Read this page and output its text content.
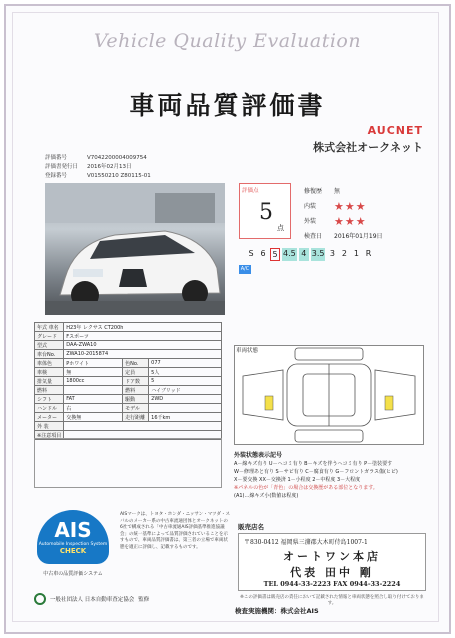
Vehicle Quality Evaluation
車両品質評価書
AUCNET
株式会社オークネット
評価番号	V7042200004009754
評価書発行日	2016年02月13日
登録番号	V01550210 Z80115-01
評価点
5
点
修復歴	無
内装	★★★
外装	★★★
検査日	2016年01月19日
S 6 5 4.5 4 3.5 3 2 1 R
A/C
年式 車名	H23年 レクサス CT200h		
グレード	Fスポーツ		
型式	DAA-ZWA10		
車台No.	ZWA10-2015874		
車体色	Pホワイト	色No.	077
車検	無	定員	5人
排気量	1800cc	ドア数	5
燃料		燃料	ハイブリッド
シフト	FAT	駆動	2WD
ハンドル	右	モデル	
メーター	交換無	走行距離	16千km
外 装			
※注意項目			
車両状態
外装状態表示記号
A－線キズ有り U－ヘコミ有り B－キズを伴うヘコミ有り P－塗装要す
W－修理あと有り S－サビ有り C－腐食有り G－フロントガラス傷(ヒビ)
X－要交換 XX－交換済 1－小程度 2－中程度 3－大程度
※パネルの色が「青色」の場合は交換歴がある部位となります。
(A1)…線キズ小(数値は程度)
AIS
Automobile Inspection System
CHECK
中古車の品質評価システム
AISマークは、トヨタ・ホンダ・ニッサン・マツダ・スバルのメーカー系の中古車流通団体とオークネットの6社で構成される「中古車流通AIS評価基準推進協議会」の統一基準によって品質評価されていることを示すもので、車両品質評価書は、第三者の立場で車両状態を適正に評価し、記載するものです。
一般社団法人 日本自動車査定協会 監修
販売店名
〒830-0412 福岡県三潴郡大木町侍島1007-1
オートワン本店
代表 田中 剛
TEL 0944-33-2223 FAX 0944-33-2224
※この評価書は販売店の責任において記載された情報と車両状態を照合し取り付けております。
検査実施機関：株式会社AIS
